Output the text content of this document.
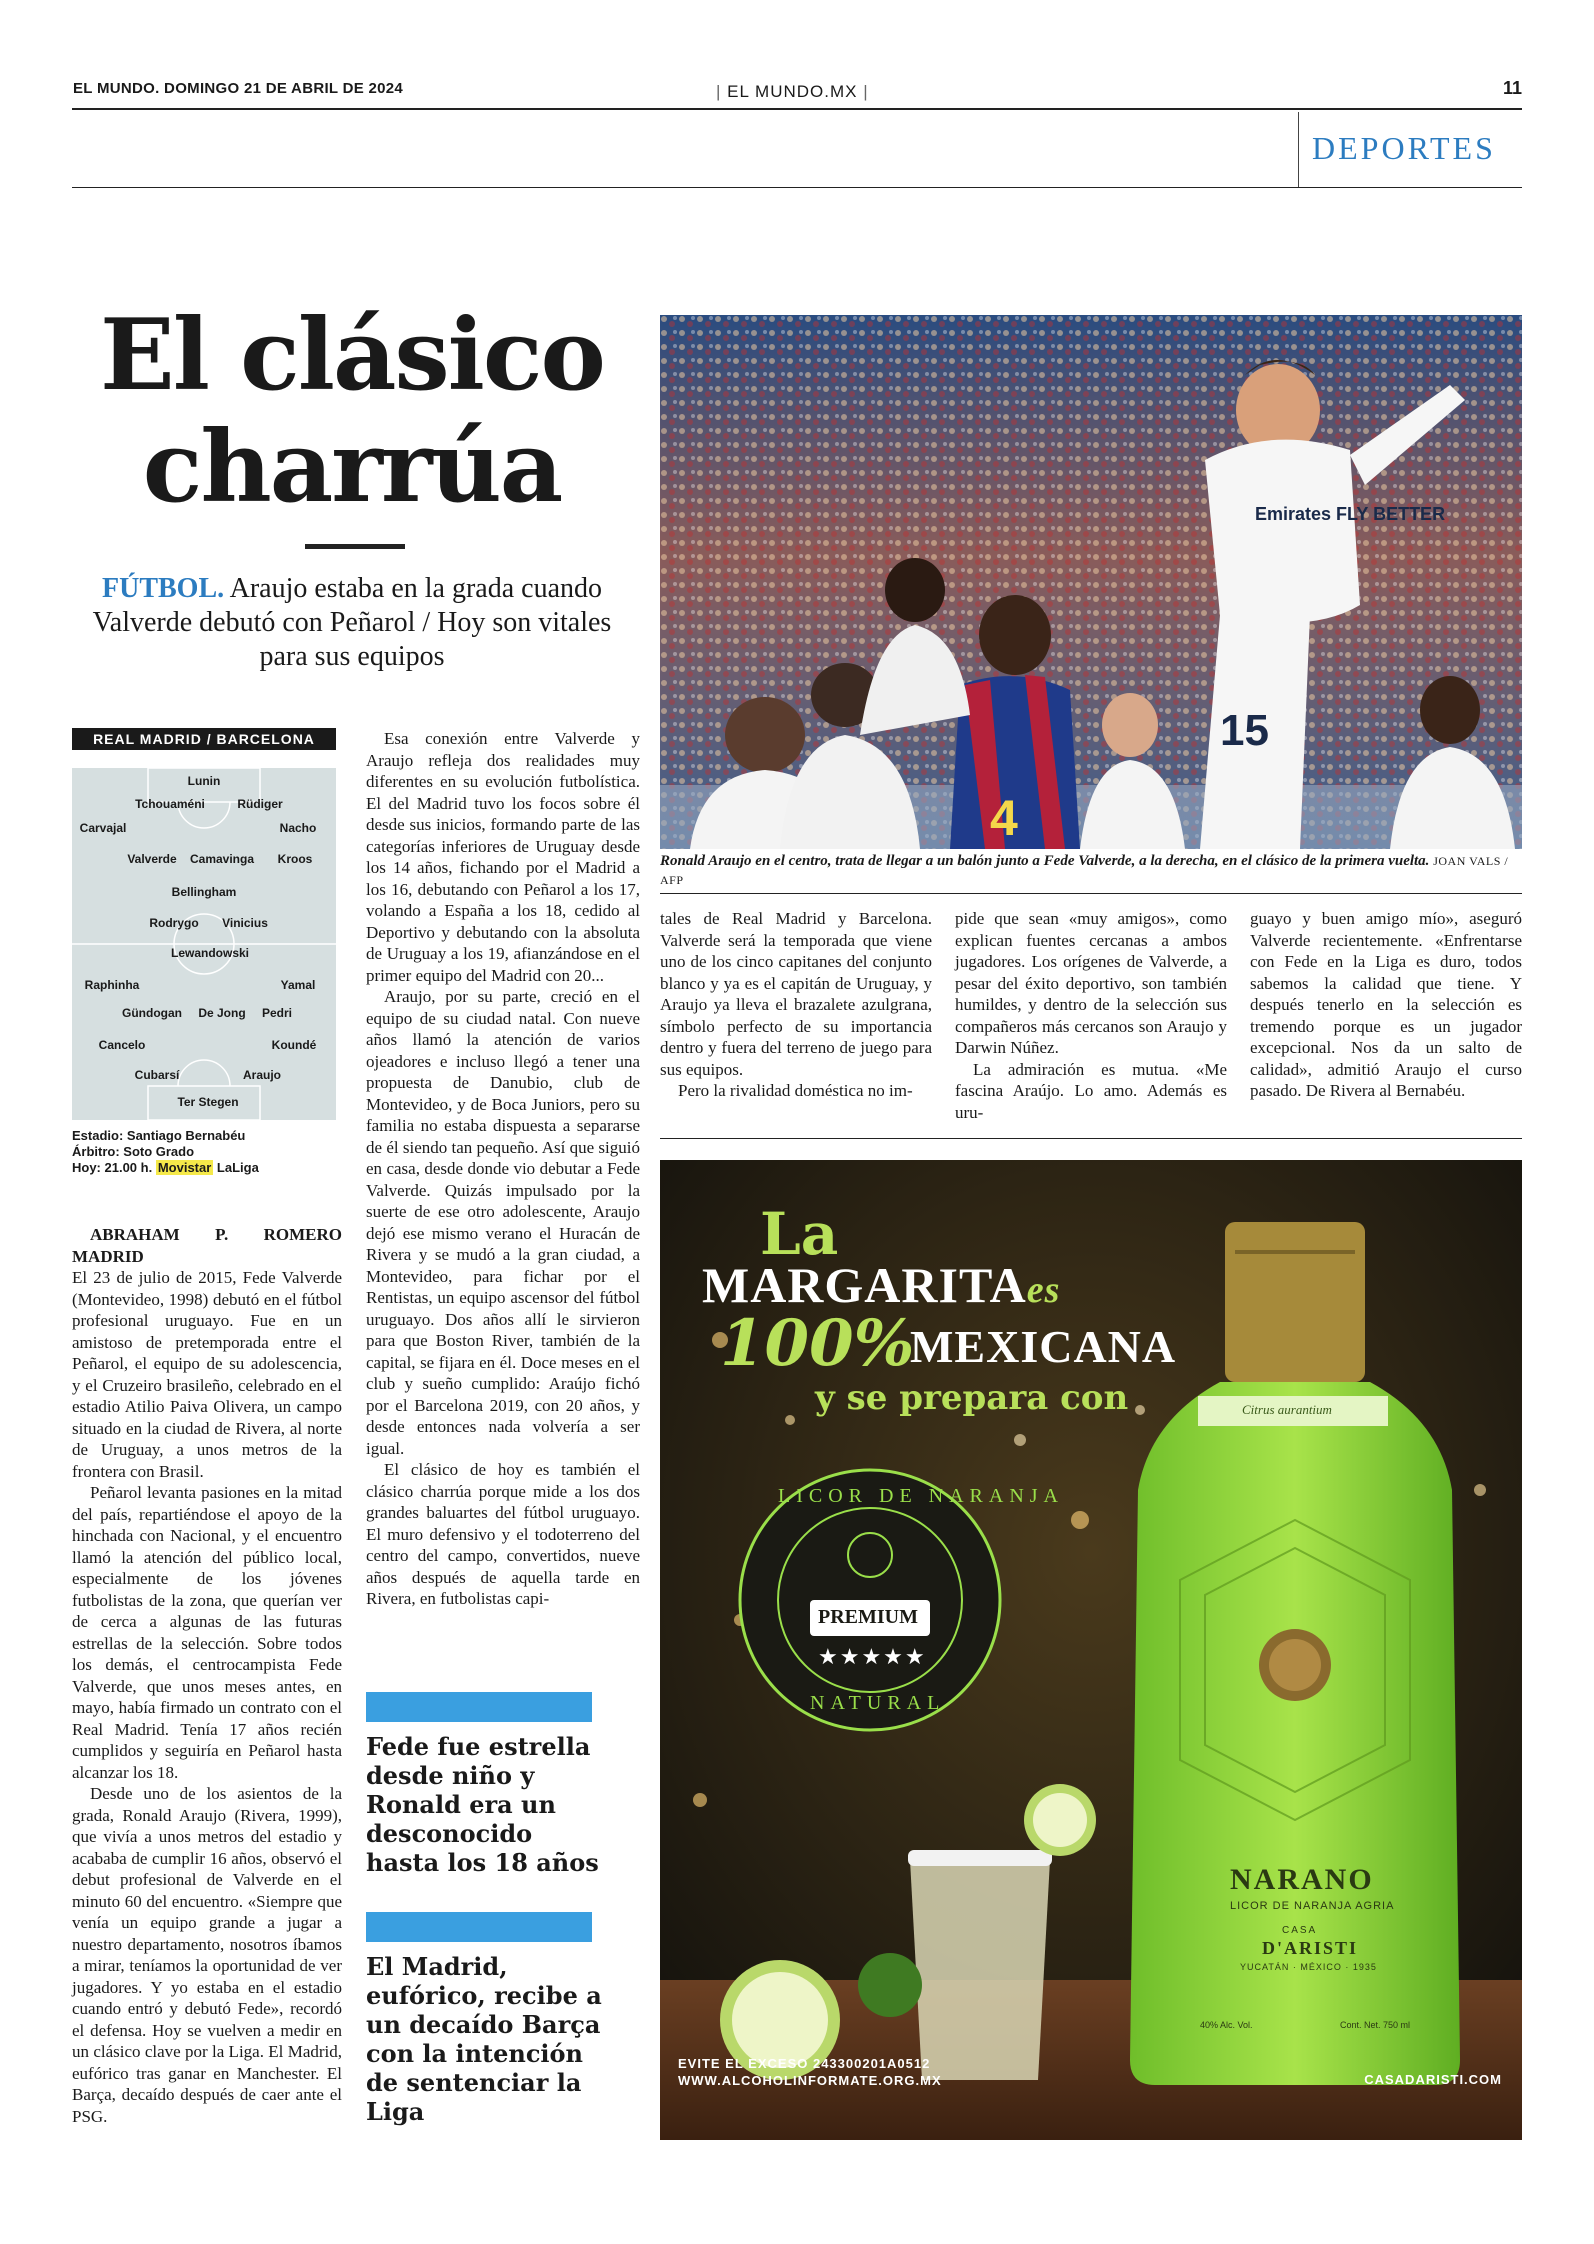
EL MUNDO. DOMINGO 21 DE ABRIL DE 2024	| EL MUNDO.MX |	11
DEPORTES
El clásico
charrúa
FÚTBOL. Araujo estaba en la grada cuando Valverde debutó con Peñarol / Hoy son vitales para sus equipos
REAL MADRID / BARCELONA
Lunin
Tchouaméni	Rüdiger
Carvajal	Nacho
Valverde Camavinga Kroos
Bellingham
Rodrygo Vinicius
Lewandowski
Raphinha	Yamal
Gündogan De Jong Pedri
Cancelo	Koundé
Cubarsí	Araujo
Ter Stegen
Estadio: Santiago Bernabéu
Árbitro: Soto Grado
Hoy: 21.00 h. Movistar LaLiga

ABRAHAM P. ROMERO MADRID

El 23 de julio de 2015, Fede Valverde (Montevideo, 1998) debutó en el fútbol profesional uruguayo. Fue en un amistoso de pretemporada entre el Peñarol, el equipo de su adolescencia, y el Cruzeiro brasileño, celebrado en el estadio Atilio Paiva Olivera, un campo situado en la ciudad de Rivera, al norte de Uruguay, a unos metros de la frontera con Brasil.

Peñarol levanta pasiones en la mitad del país, repartiéndose el apoyo de la hinchada con Nacional, y el encuentro llamó la atención del público local, especialmente de los jóvenes futbolistas de la zona, que querían ver de cerca a algunas de las futuras estrellas de la selección. Sobre todos los demás, el centrocampista Fede Valverde, que unos meses antes, en mayo, había firmado un contrato con el Real Madrid. Tenía 17 años recién cumplidos y seguiría en Peñarol hasta alcanzar los 18.

Desde uno de los asientos de la grada, Ronald Araujo (Rivera, 1999), que vivía a unos metros del estadio y acababa de cumplir 16 años, observó el debut profesional de Valverde en el minuto 60 del encuentro. «Siempre que venía un equipo grande a jugar a nuestro departamento, nosotros íbamos a mirar, teníamos la oportunidad de ver jugadores. Y yo estaba en el estadio cuando entró y debutó Fede», recordó el defensa. Hoy se vuelven a medir en un clásico clave por la Liga. El Madrid, eufórico tras ganar en Manchester. El Barça, decaído después de caer ante el PSG.

Esa conexión entre Valverde y Araujo refleja dos realidades muy diferentes en su evolución futbolística. El del Madrid tuvo los focos sobre él desde sus inicios, formando parte de las categorías inferiores de Uruguay desde los 14 años, fichando por el Madrid a los 16, debutando con Peñarol a los 17, volando a España a los 18, cedido al Deportivo y debutando con la absoluta de Uruguay a los 19, afianzándose en el primer equipo del Madrid con 20...

Araujo, por su parte, creció en el equipo de su ciudad natal. Con nueve años llamó la atención de varios ojeadores e incluso llegó a tener una propuesta de Danubio, club de Montevideo, y de Boca Juniors, pero su familia no estaba dispuesta a separarse de él siendo tan pequeño. Así que siguió en casa, desde donde vio debutar a Fede Valverde. Quizás impulsado por la suerte de ese otro adolescente, Araujo dejó ese mismo verano el Huracán de Rivera y se mudó a la gran ciudad, a Montevideo, para fichar por el Rentistas, un equipo ascensor del fútbol uruguayo. Dos años allí le sirvieron para que Boston River, también de la capital, se fijara en él. Doce meses en el club y sueño cumplido: Araújo fichó por el Barcelona 2019, con 20 años, y desde entonces nada volvería a ser igual.

El clásico de hoy es también el clásico charrúa porque mide a los dos grandes baluartes del fútbol uruguayo. El muro defensivo y el todoterreno del centro del campo, convertidos, nueve años después de aquella tarde en Rivera, en futbolistas capi-

Fede fue estrella desde niño y Ronald era un desconocido hasta los 18 años
El Madrid, eufórico, recibe a un decaído Barça con la intención de sentenciar la Liga
4
Emirates FLY BETTER
15
Ronald Araujo en el centro, trata de llegar a un balón junto a Fede Valverde, a la derecha, en el clásico de la primera vuelta. JOAN VALS / AFP

tales de Real Madrid y Barcelona. Valverde será la temporada que viene uno de los cinco capitanes del conjunto blanco y ya es el capitán de Uruguay, y Araujo ya lleva el brazalete azulgrana, símbolo perfecto de su importancia dentro y fuera del terreno de juego para sus equipos.

Pero la rivalidad doméstica no im-

pide que sean «muy amigos», como explican fuentes cercanas a ambos jugadores. Los orígenes de Valverde, a pesar del éxito deportivo, son también humildes, y dentro de la selección sus compañeros más cercanos son Araujo y Darwin Núñez.

La admiración es mutua. «Me fascina Araújo. Lo amo. Además es uru-

guayo y buen amigo mío», aseguró Valverde recientemente. «Enfrentarse con Fede en la Liga es duro, todos sabemos la calidad que tiene. Y después tenerlo en la selección es tremendo porque es un jugador excepcional. Nos da un salto de calidad», admitió Araujo el curso pasado. De Rivera al Bernabéu.

La
MARGARITAes
100%
MEXICANA
y se prepara con
LICOR DE NARANJA
NATURAL
PREMIUM
★★★★★
Citrus aurantium
NARANO
LICOR DE NARANJA AGRIA
CASA
D'ARISTI
YUCATÁN · MÉXICO · 1935
40% Alc. Vol.	Cont. Net. 750 ml
EVITE EL EXCESO 243300201A0512
WWW.ALCOHOLINFORMATE.ORG.MX	CASADARISTI.COM
